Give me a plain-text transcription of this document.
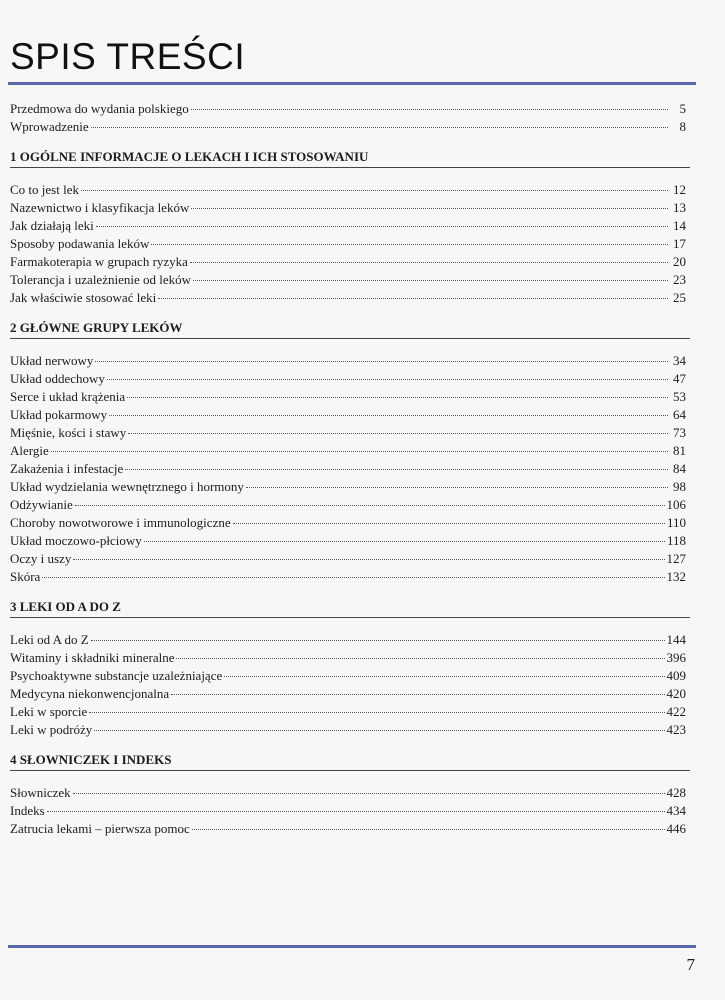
SPIS TREŚCI
Przedmowa do wydania polskiego	5
Wprowadzenie	8
1 OGÓLNE INFORMACJE O LEKACH I ICH STOSOWANIU
Co to jest lek	12
Nazewnictwo i klasyfikacja leków	13
Jak działają leki	14
Sposoby podawania leków	17
Farmakoterapia w grupach ryzyka	20
Tolerancja i uzależnienie od leków	23
Jak właściwie stosować leki	25
2 GŁÓWNE GRUPY LEKÓW
Układ nerwowy	34
Układ oddechowy	47
Serce i układ krążenia	53
Układ pokarmowy	64
Mięśnie, kości i stawy	73
Alergie	81
Zakażenia i infestacje	84
Układ wydzielania wewnętrznego i hormony	98
Odżywianie	106
Choroby nowotworowe i immunologiczne	110
Układ moczowo-płciowy	118
Oczy i uszy	127
Skóra	132
3 LEKI OD A DO Z
Leki od A do Z	144
Witaminy i składniki mineralne	396
Psychoaktywne substancje uzależniające	409
Medycyna niekonwencjonalna	420
Leki w sporcie	422
Leki w podróży	423
4 SŁOWNICZEK I INDEKS
Słowniczek	428
Indeks	434
Zatrucia lekami – pierwsza pomoc	446
7
